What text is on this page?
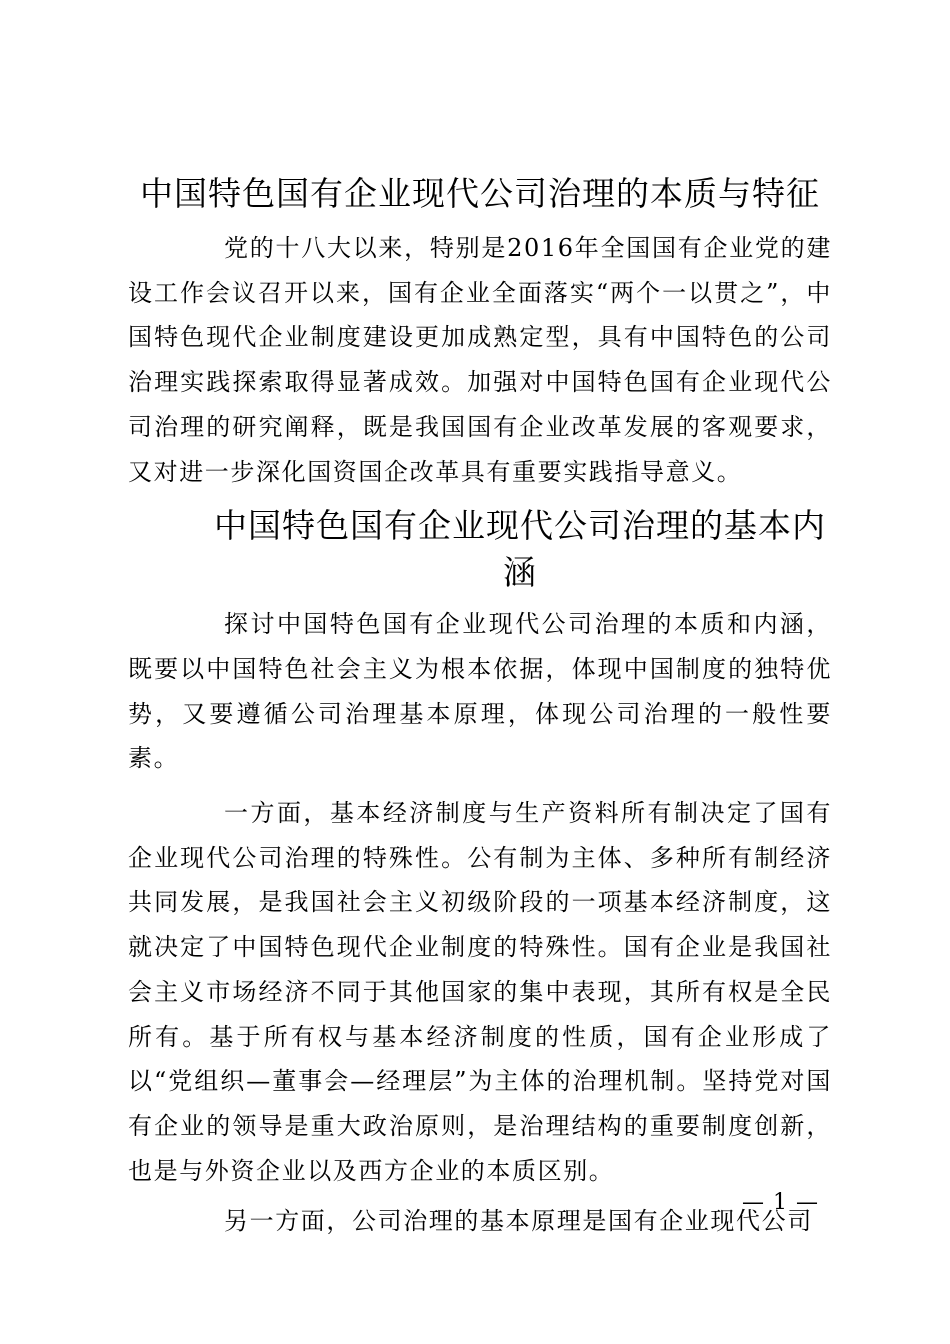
中国特色国有企业现代公司治理的本质与特征

党的十八大以来，特别是2016年全国国有企业党的建设工作会议召开以来，国有企业全面落实“两个一以贯之”，中国特色现代企业制度建设更加成熟定型，具有中国特色的公司治理实践探索取得显著成效。加强对中国特色国有企业现代公司治理的研究阐释，既是我国国有企业改革发展的客观要求，又对进一步深化国资国企改革具有重要实践指导意义。

中国特色国有企业现代公司治理的基本内涵

探讨中国特色国有企业现代公司治理的本质和内涵，既要以中国特色社会主义为根本依据，体现中国制度的独特优势，又要遵循公司治理基本原理，体现公司治理的一般性要素。

一方面，基本经济制度与生产资料所有制决定了国有企业现代公司治理的特殊性。公有制为主体、多种所有制经济共同发展，是我国社会主义初级阶段的一项基本经济制度，这就决定了中国特色现代企业制度的特殊性。国有企业是我国社会主义市场经济不同于其他国家的集中表现，其所有权是全民所有。基于所有权与基本经济制度的性质，国有企业形成了以“党组织—董事会—经理层”为主体的治理机制。坚持党对国有企业的领导是重大政治原则，是治理结构的重要制度创新，也是与外资企业以及西方企业的本质区别。

另一方面，公司治理的基本原理是国有企业现代公司

— 1 —
